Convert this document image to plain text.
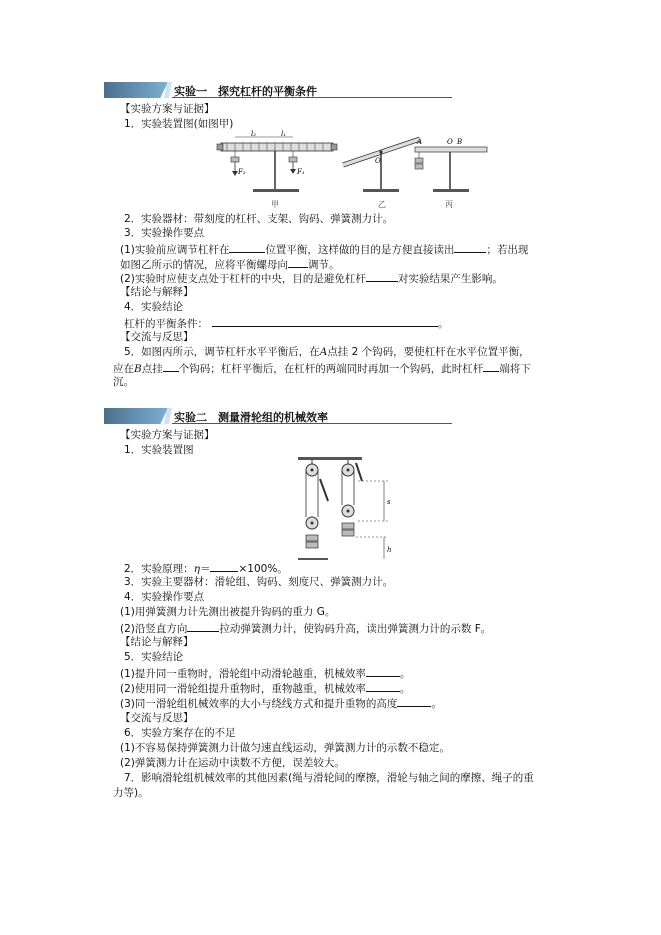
实验一　探究杠杆的平衡条件
【实验方案与证据】
1．实验装置图(如图甲)
l₂	l₁
F₂	F₁
甲
O
乙
A	O B
丙
2．实验器材：带刻度的杠杆、支架、钩码、弹簧测力计。
3．实验操作要点
(1)实验前应调节杠杆在	位置平衡，这样做的目的是方便直接读出	；若出现
如图乙所示的情况，应将平衡螺母向 调节。
(2)实验时应使支点处于杠杆的中央，目的是避免杠杆	对实验结果产生影响。
【结论与解释】
4．实验结论
杠杆的平衡条件：	。
【交流与反思】
5．如图丙所示，调节杠杆水平平衡后，在A点挂 2 个钩码，要使杠杆在水平位置平衡，
应在B点挂 个钩码；杠杆平衡后，在杠杆的两端同时再加一个钩码，此时杠杆 端将下
沉。
实验二　测量滑轮组的机械效率
【实验方案与证据】
1．实验装置图
s
h
2．实验原理：η＝	×100%。
3．实验主要器材：滑轮组、钩码、刻度尺、弹簧测力计。
4．实验操作要点
(1)用弹簧测力计先测出被提升钩码的重力 G。
(2)沿竖直方向	拉动弹簧测力计，使钩码升高，读出弹簧测力计的示数 F。
【结论与解释】
5．实验结论
(1)提升同一重物时，滑轮组中动滑轮越重，机械效率	。
(2)使用同一滑轮组提升重物时，重物越重，机械效率	。
(3)同一滑轮组机械效率的大小与绕线方式和提升重物的高度	。
【交流与反思】
6．实验方案存在的不足
(1)不容易保持弹簧测力计做匀速直线运动，弹簧测力计的示数不稳定。
(2)弹簧测力计在运动中读数不方便，误差较大。
7．影响滑轮组机械效率的其他因素(绳与滑轮间的摩擦，滑轮与轴之间的摩擦、绳子的重
力等)。
